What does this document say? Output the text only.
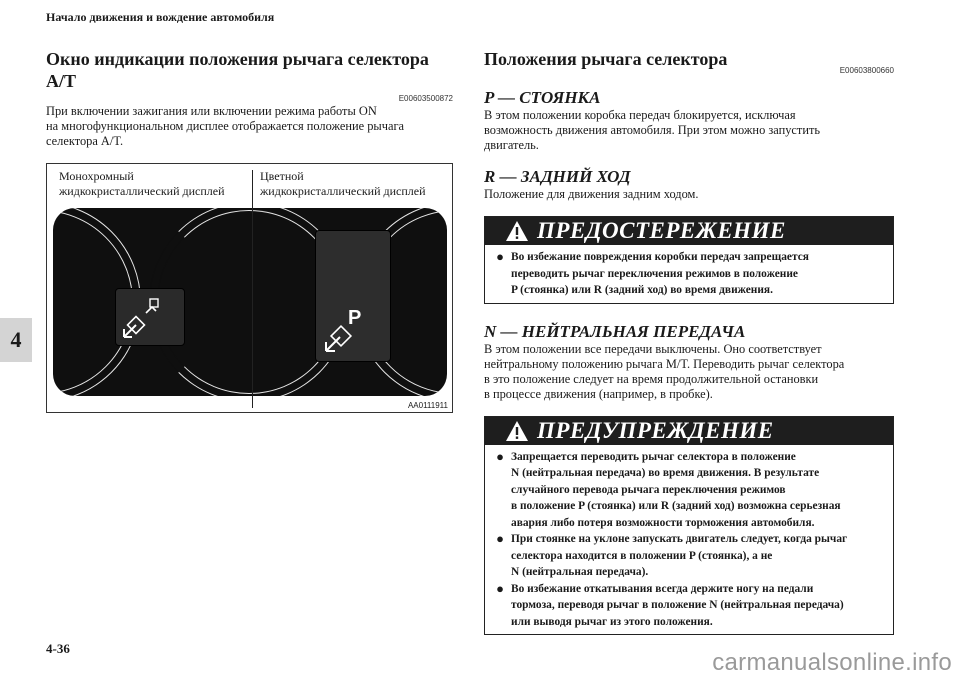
Начало движения и вождение автомобиля
4
4-36
Окно индикации положения рычага селектора A/T
E00603500872

При включении зажигания или включении режима работы ON
на многофункциональном дисплее отображается положение рычага
селектора A/T.

Монохромный
жидкокристаллический дисплей
Цветной
жидкокристаллический дисплей
P
AA0111911
Положения рычага селектора
E00603800660
P — СТОЯНКА

В этом положении коробка передач блокируется, исключая
возможность движения автомобиля. При этом можно запустить
двигатель.

R — ЗАДНИЙ ХОД

Положение для движения задним ходом.

ПРЕДОСТЕРЕЖЕНИЕ
● Во избежание повреждения коробки передач запрещается
переводить рычаг переключения режимов в положение
P (стоянка) или R (задний ход) во время движения.
N — НЕЙТРАЛЬНАЯ ПЕРЕДАЧА

В этом положении все передачи выключены. Оно соответствует
нейтральному положению рычага M/T. Переводить рычаг селектора
в это положение следует на время продолжительной остановки
в процессе движения (например, в пробке).

ПРЕДУПРЕЖДЕНИЕ
● Запрещается переводить рычаг селектора в положение
N (нейтральная передача) во время движения. В результате
случайного перевода рычага переключения режимов
в положение P (стоянка) или R (задний ход) возможна серьезная
авария либо потеря возможности торможения автомобиля.
● При стоянке на уклоне запускать двигатель следует, когда рычаг
селектора находится в положении P (стоянка), а не
N (нейтральная передача).
● Во избежание откатывания всегда держите ногу на педали
тормоза, переводя рычаг в положение N (нейтральная передача)
или выводя рычаг из этого положения.
carmanualsonline.info
